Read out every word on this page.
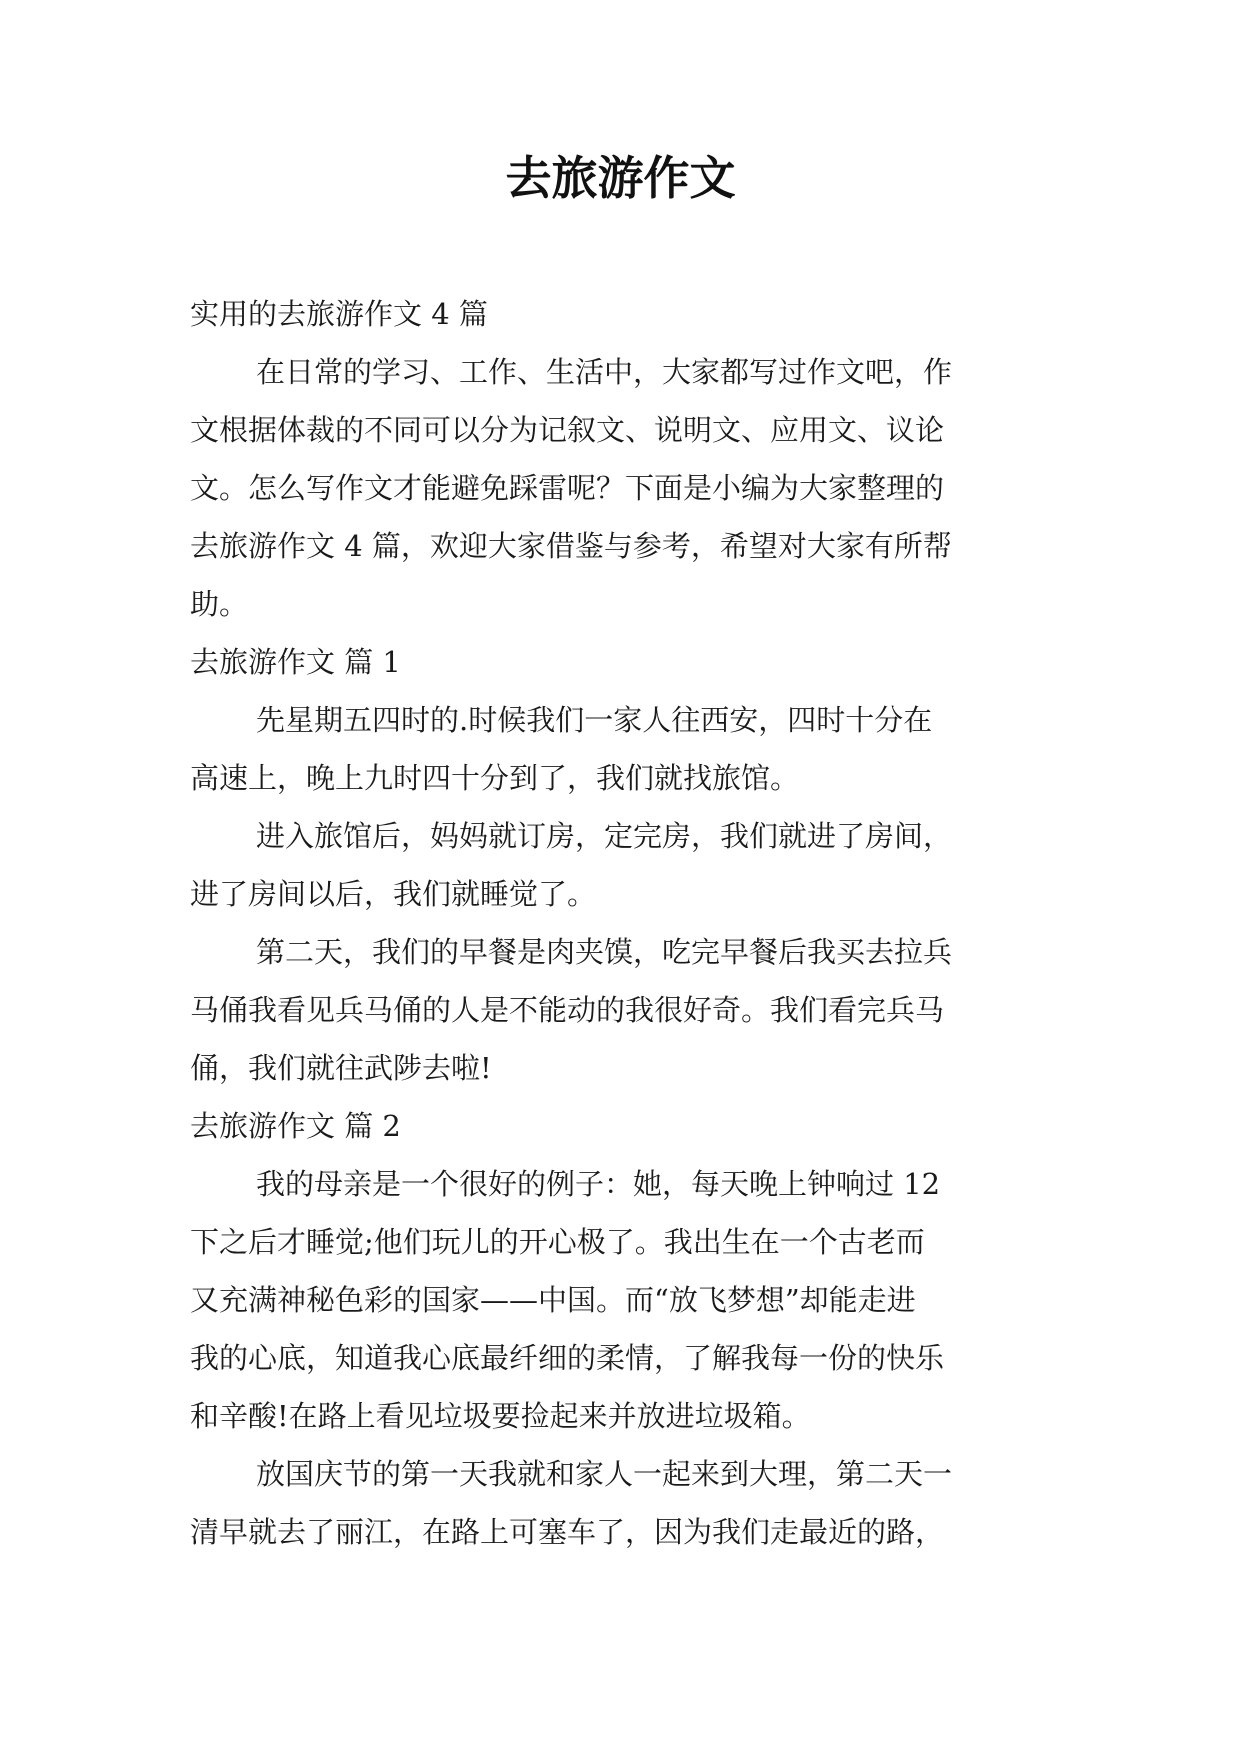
去旅游作文

实用的去旅游作文 4 篇

在日常的学习、工作、生活中，大家都写过作文吧，作

文根据体裁的不同可以分为记叙文、说明文、应用文、议论

文。怎么写作文才能避免踩雷呢？下面是小编为大家整理的

去旅游作文 4 篇，欢迎大家借鉴与参考，希望对大家有所帮

助。

去旅游作文 篇 1

先星期五四时的.时候我们一家人往西安，四时十分在

高速上，晚上九时四十分到了，我们就找旅馆。

进入旅馆后，妈妈就订房，定完房，我们就进了房间，

进了房间以后，我们就睡觉了。

第二天，我们的早餐是肉夹馍，吃完早餐后我买去拉兵

马俑我看见兵马俑的人是不能动的我很好奇。我们看完兵马

俑，我们就往武陟去啦!

去旅游作文 篇 2

我的母亲是一个很好的例子：她，每天晚上钟响过 12

下之后才睡觉;他们玩儿的开心极了。我出生在一个古老而

又充满神秘色彩的国家——中国。而“放飞梦想”却能走进

我的心底，知道我心底最纤细的柔情，了解我每一份的快乐

和辛酸!在路上看见垃圾要捡起来并放进垃圾箱。

放国庆节的第一天我就和家人一起来到大理，第二天一

清早就去了丽江，在路上可塞车了，因为我们走最近的路，
